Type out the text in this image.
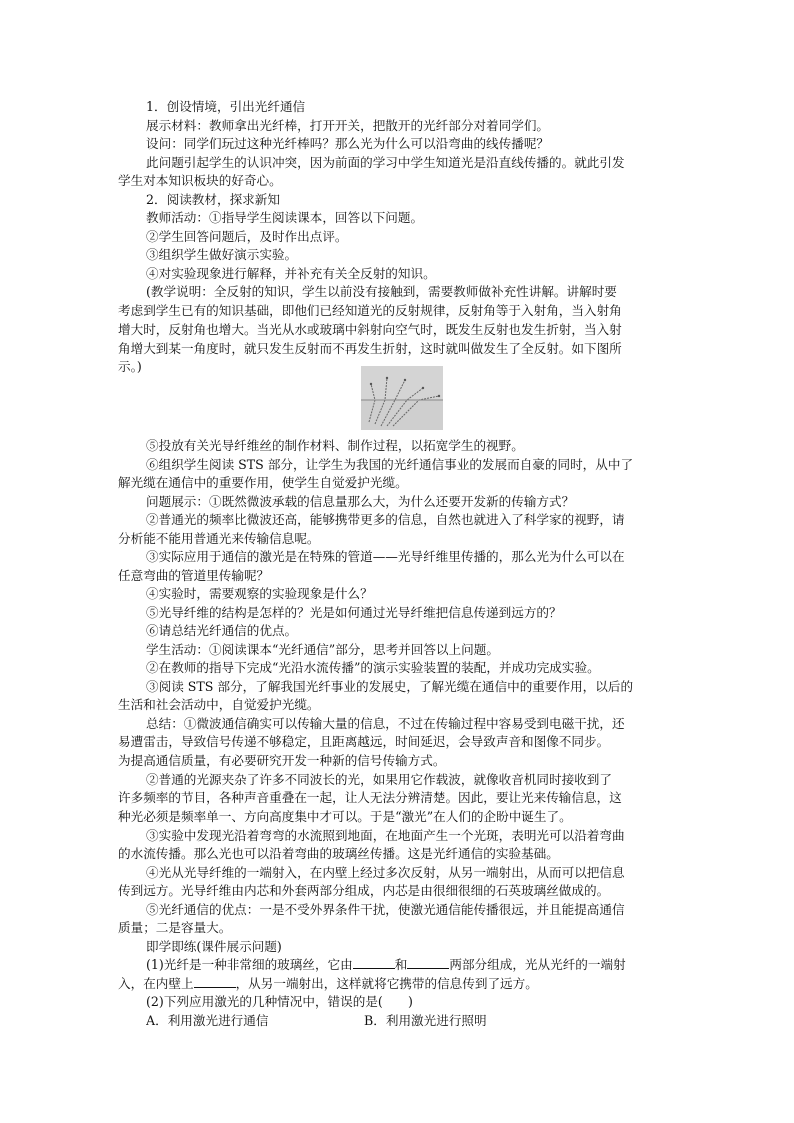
1．创设情境，引出光纤通信
展示材料：教师拿出光纤棒，打开开关，把散开的光纤部分对着同学们。
设问：同学们玩过这种光纤棒吗？那么光为什么可以沿弯曲的线传播呢？
此问题引起学生的认识冲突，因为前面的学习中学生知道光是沿直线传播的。就此引发
学生对本知识板块的好奇心。
2．阅读教材，探求新知
教师活动：①指导学生阅读课本，回答以下问题。
②学生回答问题后，及时作出点评。
③组织学生做好演示实验。
④对实验现象进行解释，并补充有关全反射的知识。
(教学说明：全反射的知识，学生以前没有接触到，需要教师做补充性讲解。讲解时要
考虑到学生已有的知识基础，即他们已经知道光的反射规律，反射角等于入射角，当入射角
增大时，反射角也增大。当光从水或玻璃中斜射向空气时，既发生反射也发生折射，当入射
角增大到某一角度时，就只发生反射而不再发生折射，这时就叫做发生了全反射。如下图所
示。)
⑤投放有关光导纤维丝的制作材料、制作过程，以拓宽学生的视野。
⑥组织学生阅读 STS 部分，让学生为我国的光纤通信事业的发展而自豪的同时，从中了
解光缆在通信中的重要作用，使学生自觉爱护光缆。
问题展示：①既然微波承载的信息量那么大，为什么还要开发新的传输方式？
②普通光的频率比微波还高，能够携带更多的信息，自然也就进入了科学家的视野，请
分析能不能用普通光来传输信息呢。
③实际应用于通信的激光是在特殊的管道——光导纤维里传播的，那么光为什么可以在
任意弯曲的管道里传输呢？
④实验时，需要观察的实验现象是什么？
⑤光导纤维的结构是怎样的？光是如何通过光导纤维把信息传递到远方的？
⑥请总结光纤通信的优点。
学生活动：①阅读课本“光纤通信”部分，思考并回答以上问题。
②在教师的指导下完成“光沿水流传播”的演示实验装置的装配，并成功完成实验。
③阅读 STS 部分，了解我国光纤事业的发展史，了解光缆在通信中的重要作用，以后的
生活和社会活动中，自觉爱护光缆。
总结：①微波通信确实可以传输大量的信息，不过在传输过程中容易受到电磁干扰，还
易遭雷击，导致信号传递不够稳定，且距离越远，时间延迟，会导致声音和图像不同步。
为提高通信质量，有必要研究开发一种新的信号传输方式。
②普通的光源夹杂了许多不同波长的光，如果用它作载波，就像收音机同时接收到了
许多频率的节目，各种声音重叠在一起，让人无法分辨清楚。因此，要让光来传输信息，这
种光必须是频率单一、方向高度集中才可以。于是“激光”在人们的企盼中诞生了。
③实验中发现光沿着弯弯的水流照到地面，在地面产生一个光斑，表明光可以沿着弯曲
的水流传播。那么光也可以沿着弯曲的玻璃丝传播。这是光纤通信的实验基础。
④光从光导纤维的一端射入，在内壁上经过多次反射，从另一端射出，从而可以把信息
传到远方。光导纤维由内芯和外套两部分组成，内芯是由很细很细的石英玻璃丝做成的。
⑤光纤通信的优点：一是不受外界条件干扰，使激光通信能传播很远，并且能提高通信
质量；二是容量大。
即学即练(课件展示问题)
(1)光纤是一种非常细的玻璃丝，它由	和	两部分组成，光从光纤的一端射
入，在内壁上	，从另一端射出，这样就将它携带的信息传到了远方。
(2)下列应用激光的几种情况中，错误的是(　　)
A．利用激光进行通信	B．利用激光进行照明
